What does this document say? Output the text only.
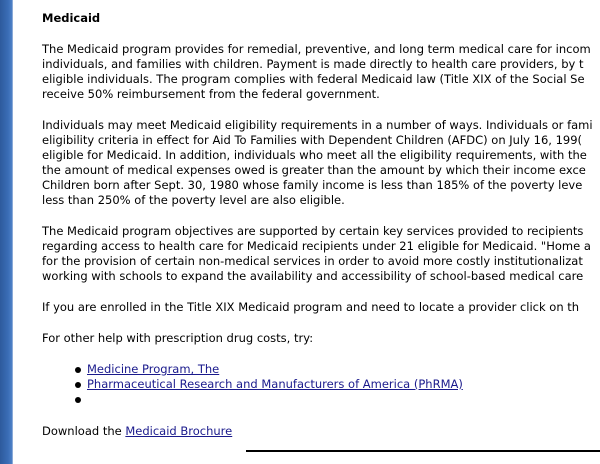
Medicaid
The Medicaid program provides for remedial, preventive, and long term medical care for incom
individuals, and families with children. Payment is made directly to health care providers, by t
eligible individuals. The program complies with federal Medicaid law (Title XIX of the Social Se
receive 50% reimbursement from the federal government.
Individuals may meet Medicaid eligibility requirements in a number of ways. Individuals or fami
eligibility criteria in effect for Aid To Families with Dependent Children (AFDC) on July 16, 199(
eligible for Medicaid. In addition, individuals who meet all the eligibility requirements, with the
the amount of medical expenses owed is greater than the amount by which their income exce
Children born after Sept. 30, 1980 whose family income is less than 185% of the poverty leve
less than 250% of the poverty level are also eligible.
The Medicaid program objectives are supported by certain key services provided to recipients
regarding access to health care for Medicaid recipients under 21 eligible for Medicaid. "Home a
for the provision of certain non-medical services in order to avoid more costly institutionalizat
working with schools to expand the availability and accessibility of school-based medical care
If you are enrolled in the Title XIX Medicaid program and need to locate a provider click on th
For other help with prescription drug costs, try:
Medicine Program, The
Pharmaceutical Research and Manufacturers of America (PhRMA)
Download the Medicaid Brochure
